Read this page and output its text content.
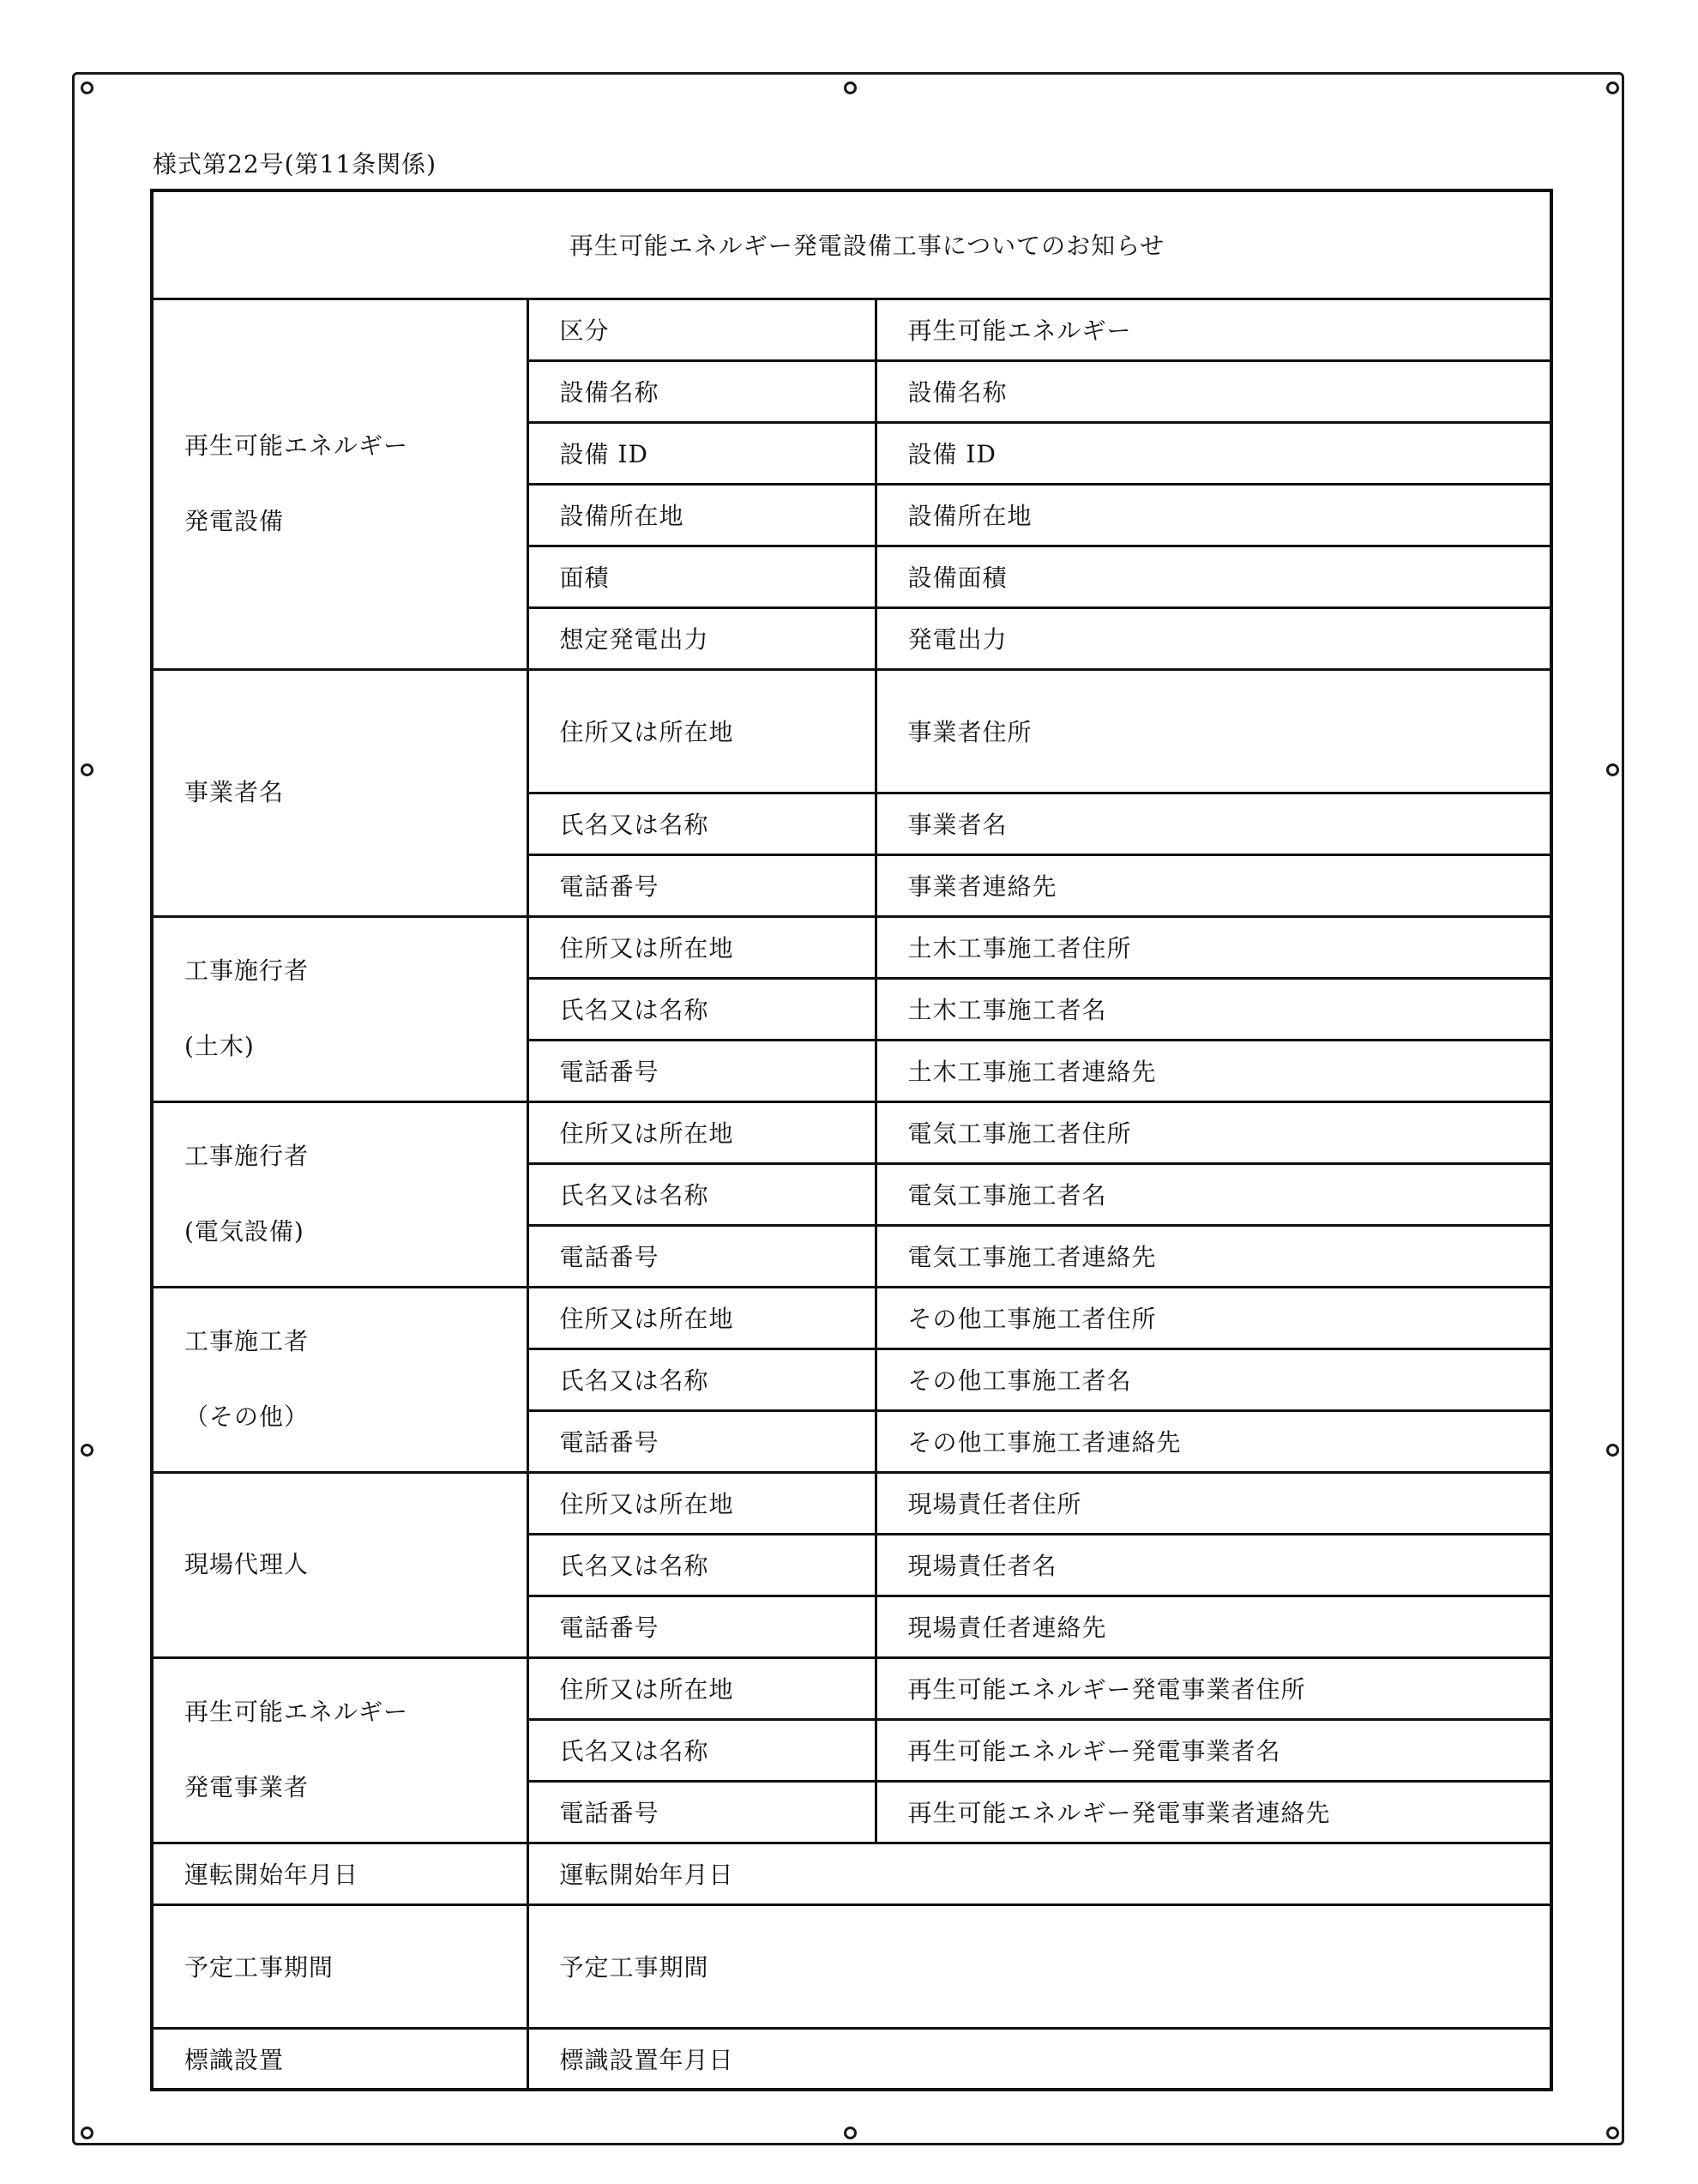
様式第22号(第11条関係)
再生可能エネルギー発電設備工事についてのお知らせ		

再生可能エネルギー
発電設備	区分	再生可能エネルギー
	設備名称	設備名称
	設備 ID	設備 ID
	設備所在地	設備所在地
	面積	設備面積
	想定発電出力	発電出力

事業者名	住所又は所在地	事業者住所
	氏名又は名称	事業者名
	電話番号	事業者連絡先

工事施行者
(土木)	住所又は所在地	土木工事施工者住所
	氏名又は名称	土木工事施工者名
	電話番号	土木工事施工者連絡先

工事施行者
(電気設備)	住所又は所在地	電気工事施工者住所
	氏名又は名称	電気工事施工者名
	電話番号	電気工事施工者連絡先

工事施工者
（その他）	住所又は所在地	その他工事施工者住所
	氏名又は名称	その他工事施工者名
	電話番号	その他工事施工者連絡先

現場代理人	住所又は所在地	現場責任者住所
	氏名又は名称	現場責任者名
	電話番号	現場責任者連絡先

再生可能エネルギー
発電事業者	住所又は所在地	再生可能エネルギー発電事業者住所
	氏名又は名称	再生可能エネルギー発電事業者名
	電話番号	再生可能エネルギー発電事業者連絡先
運転開始年月日	運転開始年月日	
予定工事期間	予定工事期間	
標識設置	標識設置年月日	
